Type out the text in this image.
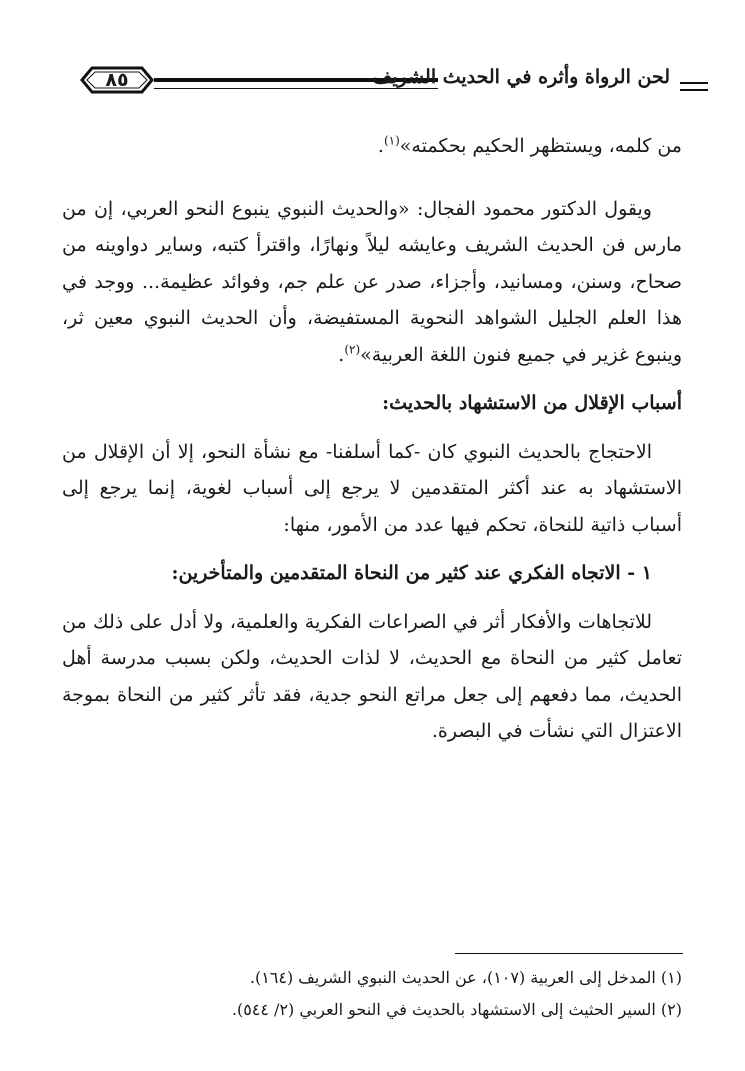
٨٥	لحن الرواة وأثره في الحديث الشريف

من كلمه، ويستظهر الحكيم بحكمته»$^{(١)}$.

ويقول الدكتور محمود الفجال: «والحديث النبوي ينبوع النحو العربي، إن من مارس فن الحديث الشريف وعايشه ليلاً ونهارًا، واقترأ كتبه، وساير دواوينه من صحاح، وسنن، ومسانيد، وأجزاء، صدر عن علم جم، وفوائد عظيمة... ووجد في هذا العلم الجليل الشواهد النحوية المستفيضة، وأن الحديث النبوي معين ثر، وينبوع غزير في جميع فنون اللغة العربية»$^{(٢)}$.

أسباب الإقلال من الاستشهاد بالحديث:

الاحتجاج بالحديث النبوي كان -كما أسلفنا- مع نشأة النحو، إلا أن الإقلال من الاستشهاد به عند أكثر المتقدمين لا يرجع إلى أسباب لغوية، إنما يرجع إلى أسباب ذاتية للنحاة، تحكم فيها عدد من الأمور، منها:

١ - الاتجاه الفكري عند كثير من النحاة المتقدمين والمتأخرين:

للاتجاهات والأفكار أثر في الصراعات الفكرية والعلمية، ولا أدل على ذلك من تعامل كثير من النحاة مع الحديث، لا لذات الحديث، ولكن بسبب مدرسة أهل الحديث، مما دفعهم إلى جعل مراتع النحو جدية، فقد تأثر كثير من النحاة بموجة الاعتزال التي نشأت في البصرة.

(١) المدخل إلى العربية (١٠٧)، عن الحديث النبوي الشريف (١٦٤).

(٢) السير الحثيث إلى الاستشهاد بالحديث في النحو العربي (٢/ ٥٤٤).
